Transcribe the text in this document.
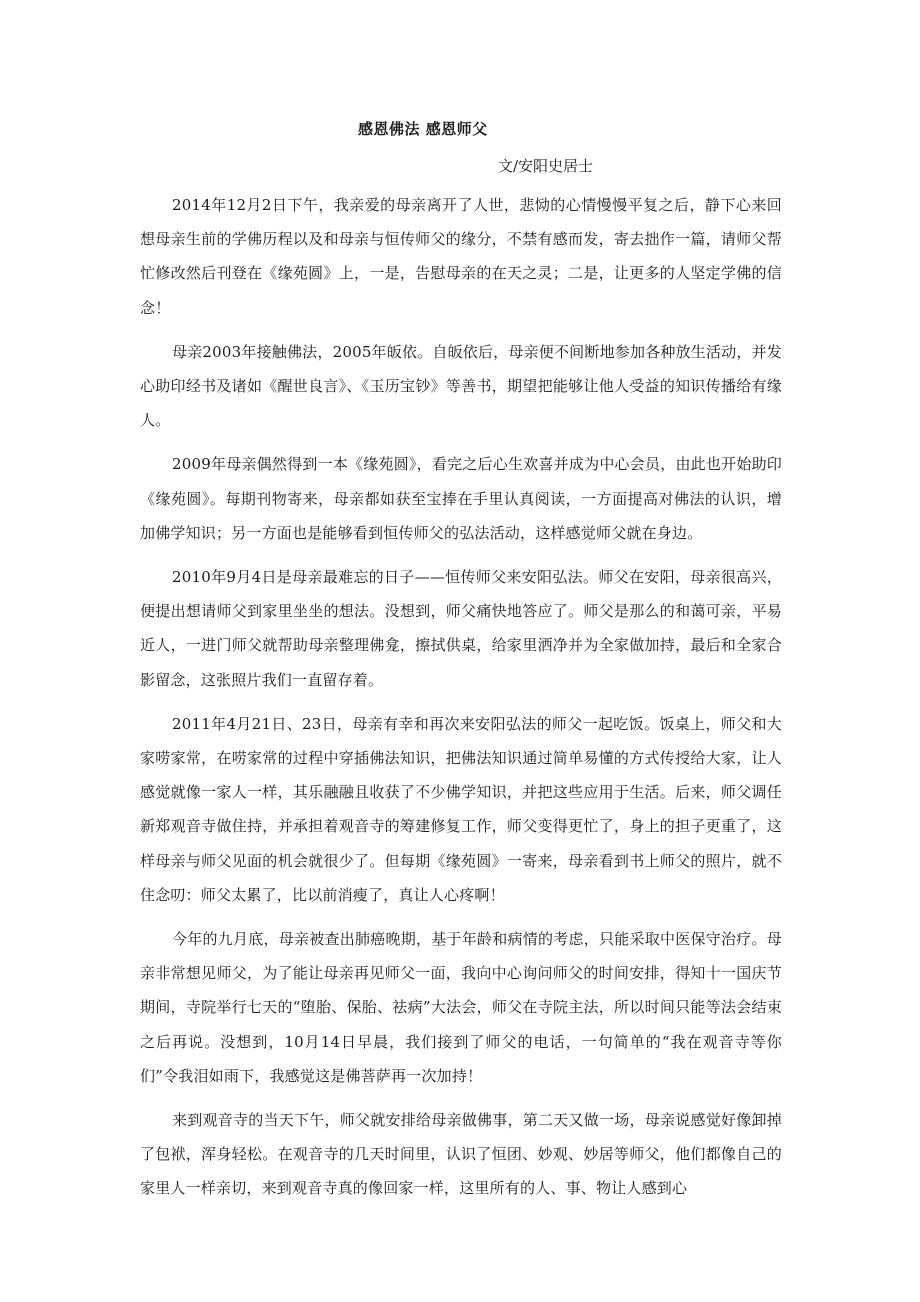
感恩佛法 感恩师父

文/安阳史居士

2014年12月2日下午，我亲爱的母亲离开了人世，悲恸的心情慢慢平复之后，静下心来回想母亲生前的学佛历程以及和母亲与恒传师父的缘分，不禁有感而发，寄去拙作一篇，请师父帮忙修改然后刊登在《缘苑圆》上，一是，告慰母亲的在天之灵；二是，让更多的人坚定学佛的信念！

母亲2003年接触佛法，2005年皈依。自皈依后，母亲便不间断地参加各种放生活动，并发心助印经书及诸如《醒世良言》、《玉历宝钞》等善书，期望把能够让他人受益的知识传播给有缘人。

2009年母亲偶然得到一本《缘苑圆》，看完之后心生欢喜并成为中心会员，由此也开始助印《缘苑圆》。每期刊物寄来，母亲都如获至宝捧在手里认真阅读，一方面提高对佛法的认识，增加佛学知识；另一方面也是能够看到恒传师父的弘法活动，这样感觉师父就在身边。

2010年9月4日是母亲最难忘的日子——恒传师父来安阳弘法。师父在安阳，母亲很高兴，便提出想请师父到家里坐坐的想法。没想到，师父痛快地答应了。师父是那么的和蔼可亲，平易近人，一进门师父就帮助母亲整理佛龛，擦拭供桌，给家里洒净并为全家做加持，最后和全家合影留念，这张照片我们一直留存着。

2011年4月21日、23日，母亲有幸和再次来安阳弘法的师父一起吃饭。饭桌上，师父和大家唠家常，在唠家常的过程中穿插佛法知识，把佛法知识通过简单易懂的方式传授给大家，让人感觉就像一家人一样，其乐融融且收获了不少佛学知识，并把这些应用于生活。后来，师父调任新郑观音寺做住持，并承担着观音寺的筹建修复工作，师父变得更忙了，身上的担子更重了，这样母亲与师父见面的机会就很少了。但每期《缘苑圆》一寄来，母亲看到书上师父的照片，就不住念叨：师父太累了，比以前消瘦了，真让人心疼啊！

今年的九月底，母亲被查出肺癌晚期，基于年龄和病情的考虑，只能采取中医保守治疗。母亲非常想见师父，为了能让母亲再见师父一面，我向中心询问师父的时间安排，得知十一国庆节期间，寺院举行七天的“堕胎、保胎、祛病”大法会，师父在寺院主法，所以时间只能等法会结束之后再说。没想到，10月14日早晨，我们接到了师父的电话，一句简单的“我在观音寺等你们”令我泪如雨下，我感觉这是佛菩萨再一次加持！

来到观音寺的当天下午，师父就安排给母亲做佛事，第二天又做一场，母亲说感觉好像卸掉了包袱，浑身轻松。在观音寺的几天时间里，认识了恒团、妙观、妙居等师父，他们都像自己的家里人一样亲切，来到观音寺真的像回家一样，这里所有的人、事、物让人感到心
